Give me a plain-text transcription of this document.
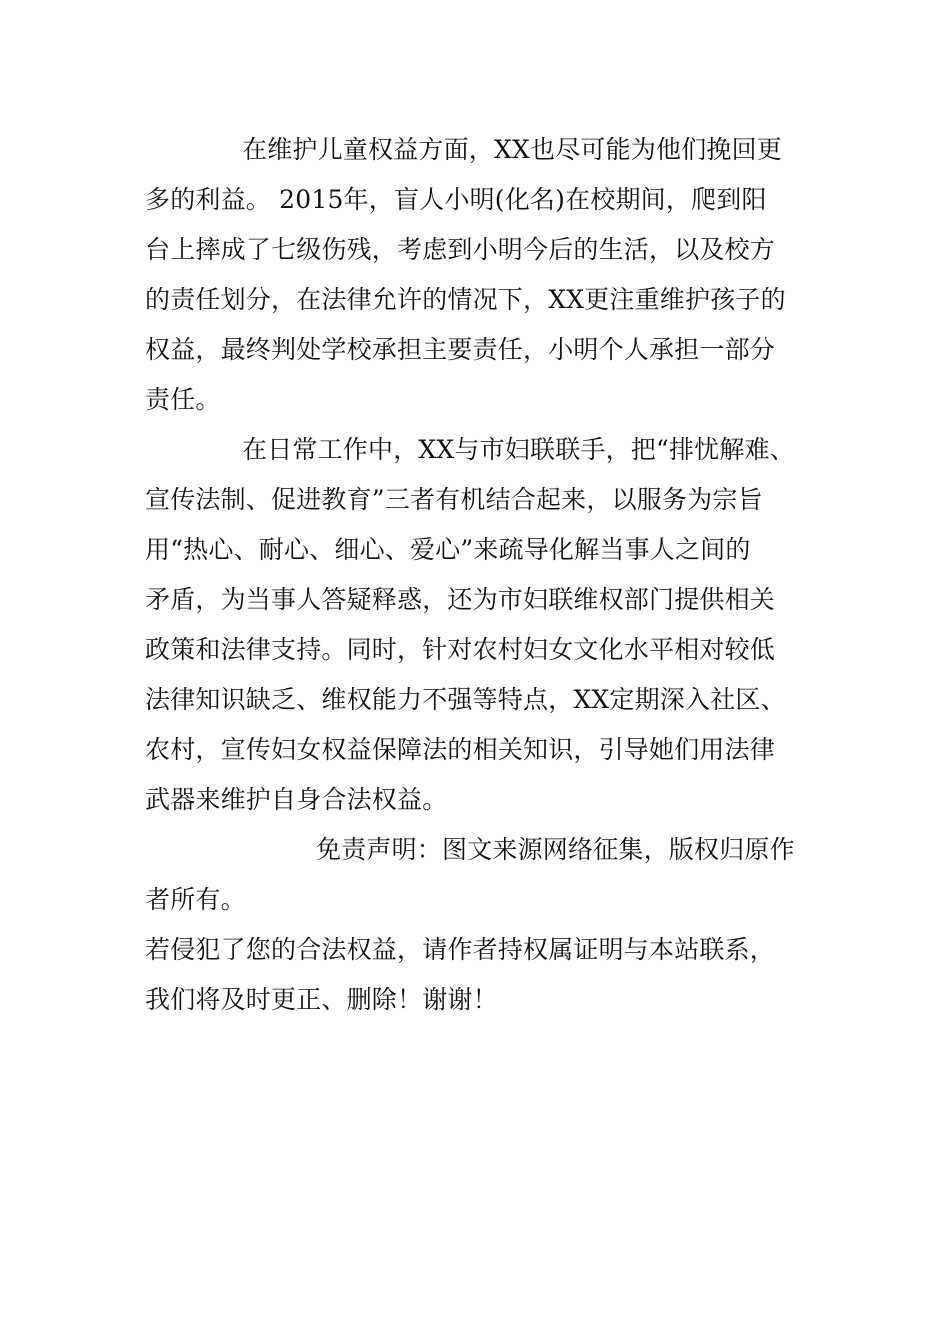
在维护儿童权益方面，XX也尽可能为他们挽回更
多的利益。 2015年，盲人小明(化名)在校期间，爬到阳
台上摔成了七级伤残，考虑到小明今后的生活，以及校方
的责任划分，在法律允许的情况下，XX更注重维护孩子的
权益，最终判处学校承担主要责任，小明个人承担一部分
责任。
在日常工作中，XX与市妇联联手，把“排忧解难、
宣传法制、促进教育”三者有机结合起来，以服务为宗旨
用“热心、耐心、细心、爱心”来疏导化解当事人之间的
矛盾，为当事人答疑释惑，还为市妇联维权部门提供相关
政策和法律支持。同时，针对农村妇女文化水平相对较低
法律知识缺乏、维权能力不强等特点，XX定期深入社区、
农村，宣传妇女权益保障法的相关知识，引导她们用法律
武器来维护自身合法权益。
免责声明：图文来源网络征集，版权归原作
者所有。
若侵犯了您的合法权益，请作者持权属证明与本站联系，
我们将及时更正、删除！谢谢！
